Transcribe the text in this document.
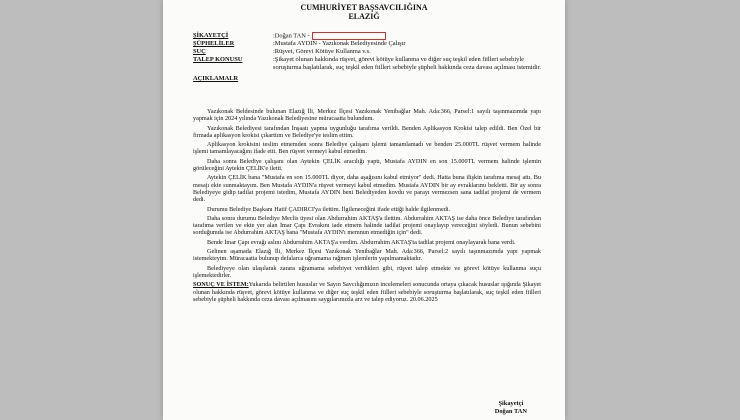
CUMHURİYET BAŞSAVCILIĞINA
ELAZIĞ
ŞİKAYETÇİ	:Doğan TAN -
ŞÜPHELİLER	:Mustafa AYDIN - Yazıkonak Belediyesinde Çalışır
SUÇ	:Rüşvet, Görevi Kötüye Kullanma v.s.
TALEP KONUSU	:Şikayet olunan hakkında rüşvet, görevi kötüye kullanma ve diğer suç teşkil eden fiilleri sebebiyle soruşturma başlatılarak, suç teşkil eden fiilleri sebebiyle şüpheli hakkında ceza davası açılması istemidir.
AÇIKLAMALR

Yazıkonak Beldesinde bulunan Elazığ İli, Merkez İlçesi Yazıkonak Yenibağlar Mah. Ada:366, Parsel:1 sayılı taşınmazımda yapı yapmak için 2024 yılında Yazıkonak Belediyesine müracaatta bulundum.

Yazıkonak Belediyesi tarafından İnşaatı yapma uygunluğu tarafıma verildi. Benden Aplikasyon Krokisi talep edildi. Ben Özel bir firmada aplikasyon krokisi çıkarttım ve Belediye'ye teslim ettim.

Aplikasyon krokisini teslim etmemden sonra Belediye çalışanı işlemi tamamlamadı ve benden 25.000TL rüşvet vermem halinde işlemi tamamlayacağını ifade etti. Ben rüşvet vermeyi kabul etmedim.

Daha sonra Belediye çalışanı olan Aytekin ÇELİK aracılığı yaptı, Mustafa AYDIN en son 15.000TL vermem halinde işlemin görüleceğini Aytekin ÇELİK'e iletti.

Aytekin ÇELİK bana "Mustafa en son 15.000TL diyor, daha aşağısını kabul etmiyor" dedi. Hatta buna ilişkin tarafıma mesaj attı. Bu mesajı ekte sunmaktayım. Ben Mustafa AYDIN'a rüşvet vermeyi kabul etmedim. Mustafa AYDIN bir ay evraklarımı bekletti. Bir ay sonra Belediyeye gidip tadilat projemi istedim, Mustafa AYDIN beni Belediyeden kovdu ve parayı vermezsen sana tadilat projemi de vermem dedi.

Durumu Belediye Başkanı Hatif ÇADIRCI'ya ilettim. İlgileneceğini ifade ettiği halde ilgilenmedi.

Daha sonra durumu Belediye Meclis üyesi olan Abdurrahim AKTAŞ'a ilettim. Abdurrahim AKTAŞ ise daha önce Belediye tarafından tarafıma verilen ve ekte yer alan İmar Çapı Evrakını iade etmem halinde tadilat projemi onaylayıp vereceğini söyledi. Bunun sebebini sorduğumda ise Abdurrahim AKTAŞ bana "Mustafa AYDIN'ı memnun etmediğin için" dedi.

Bende İmar Çapı evrağı aslını Abdurrahim AKTAŞ'a verdim. Abdurrahim AKTAŞ'ta tadilat projemi onaylayarak bana verdi.

Gelinen aşamada Elazığ İli, Merkez İlçesi Yazıkonak Yenibağlar Mah. Ada:366, Parsel:2 sayılı taşınmazımda yapı yapmak istemekteyim. Müracaatta bulunup defalarca uğramama rağmen işlemlerin yapılmamaktadır.

Belediyeye olan ulaşılarak zarara uğramama sebebiyet verdikleri gibi, rüşvet talep etmekte ve görevi kötüye kullanma suçu işlemektedirler.

SONUÇ VE İSTEM:Yukarıda belirtilen hususlar ve Sayın Savcılığımızın incelemeleri sonucunda ortaya çıkacak hususlar ışığında Şikayet olunan hakkında rüşvet, görevi kötüye kullanma ve diğer suç teşkil eden fiilleri sebebiyle soruşturma başlatılarak, suç teşkil eden fiilleri sebebiyle şüpheli hakkında ceza davası açılmasını saygılarımızla arz ve talep ediyoruz. 20.06.2025

Şikayetçi
Doğan TAN
